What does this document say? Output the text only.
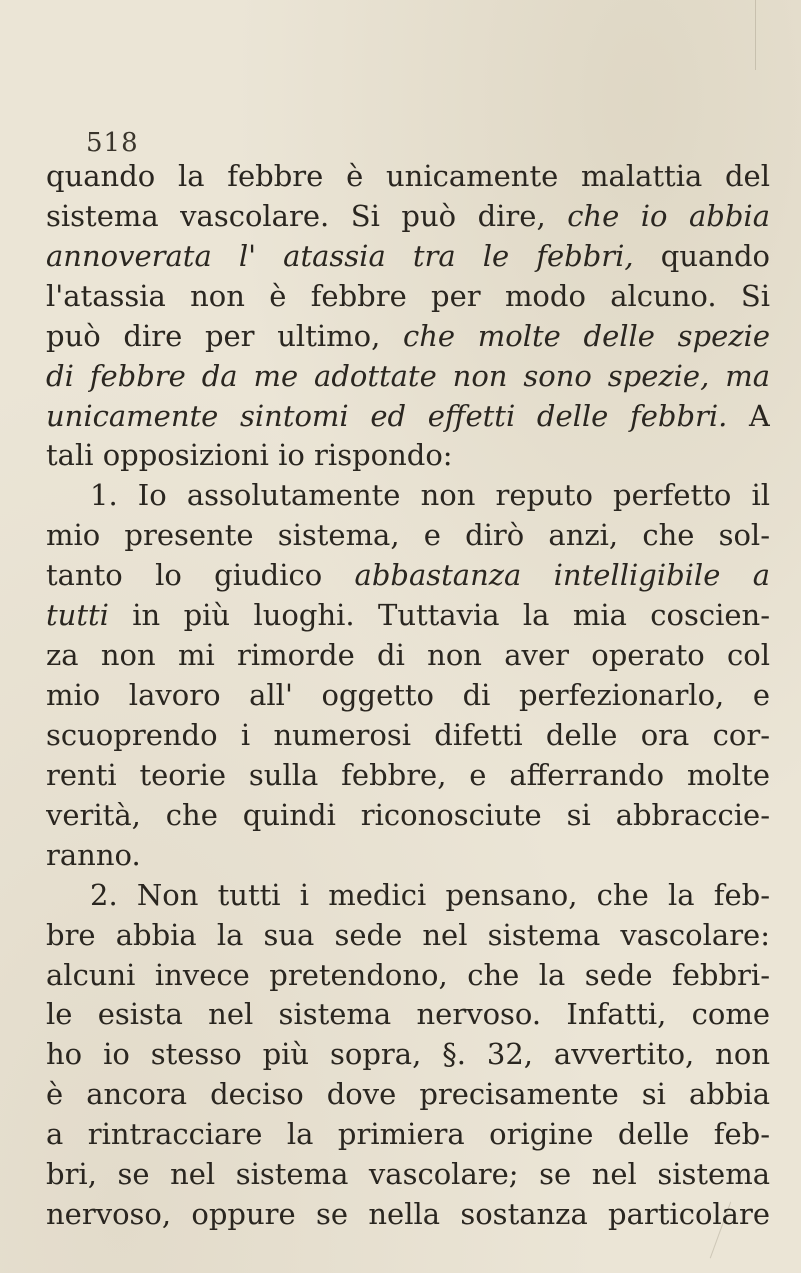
518
quando la febbre è unicamente malattia del
sistema vascolare. Si può dire, che io abbia
annoverata l' atassia tra le febbri, quando
l'atassia non è febbre per modo alcuno. Si
può dire per ultimo, che molte delle spezie
di febbre da me adottate non sono spezie, ma
unicamente sintomi ed effetti delle febbri. A
tali opposizioni io rispondo:
1. Io assolutamente non reputo perfetto il
mio presente sistema, e dirò anzi, che sol-
tanto lo giudico abbastanza intelligibile a
tutti in più luoghi. Tuttavia la mia coscien-
za non mi rimorde di non aver operato col
mio lavoro all' oggetto di perfezionarlo, e
scuoprendo i numerosi difetti delle ora cor-
renti teorie sulla febbre, e afferrando molte
verità, che quindi riconosciute si abbraccie-
ranno.
2. Non tutti i medici pensano, che la feb-
bre abbia la sua sede nel sistema vascolare:
alcuni invece pretendono, che la sede febbri-
le esista nel sistema nervoso. Infatti, come
ho io stesso più sopra, §. 32, avvertito, non
è ancora deciso dove precisamente si abbia
a rintracciare la primiera origine delle feb-
bri, se nel sistema vascolare; se nel sistema
nervoso, oppure se nella sostanza particolare
